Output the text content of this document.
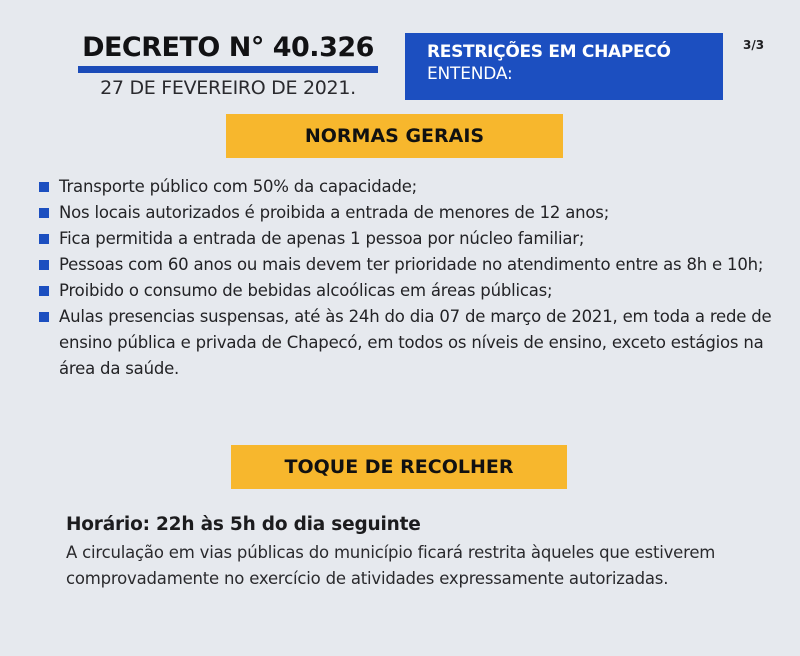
DECRETO N° 40.326
27 DE FEVEREIRO DE 2021.
RESTRIÇÕES EM CHAPECÓ
ENTENDA:
3/3
NORMAS GERAIS
Transporte público com 50% da capacidade;
Nos locais autorizados é proibida a entrada de menores de 12 anos;
Fica permitida a entrada de apenas 1 pessoa por núcleo familiar;
Pessoas com 60 anos ou mais devem ter prioridade no atendimento entre as 8h e 10h;
Proibido o consumo de bebidas alcoólicas em áreas públicas;
Aulas presencias suspensas, até às 24h do dia 07 de março de 2021, em toda a rede de ensino pública e privada de Chapecó, em todos os níveis de ensino, exceto estágios na área da saúde.
TOQUE DE RECOLHER
Horário: 22h às 5h do dia seguinte
A circulação em vias públicas do município ficará restrita àqueles que estiverem comprovadamente no exercício de atividades expressamente autorizadas.
